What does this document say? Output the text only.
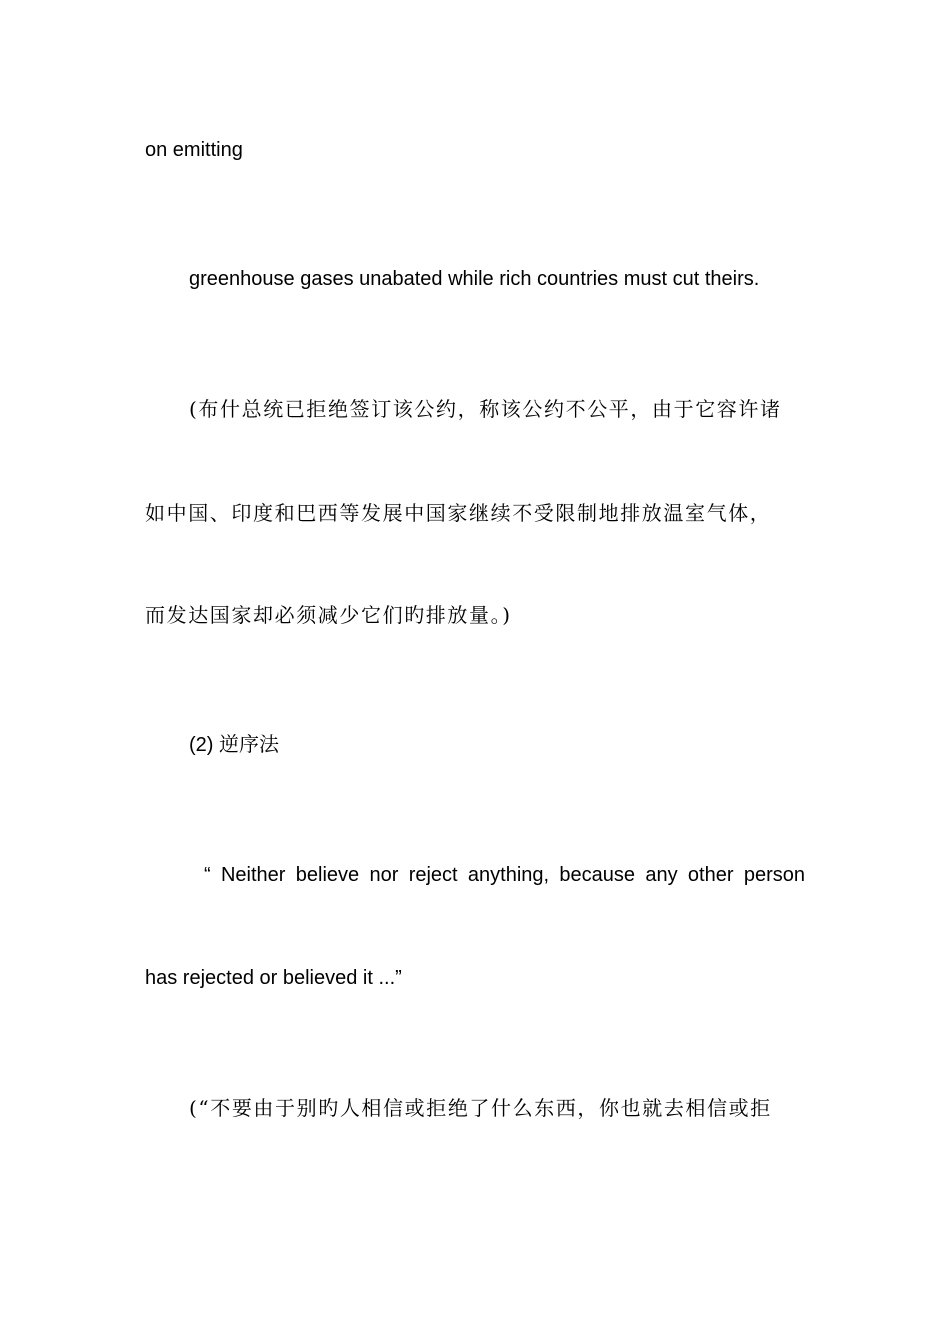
on emitting
greenhouse gases unabated while rich countries must cut theirs.
(布什总统已拒绝签订该公约，称该公约不公平，由于它容许诸
如中国、印度和巴西等发展中国家继续不受限制地排放温室气体，
而发达国家却必须减少它们旳排放量。)
(2) 逆序法
“ Neither believe nor reject anything, because any other person
has rejected or believed it ...”
(“不要由于别旳人相信或拒绝了什么东西，你也就去相信或拒
